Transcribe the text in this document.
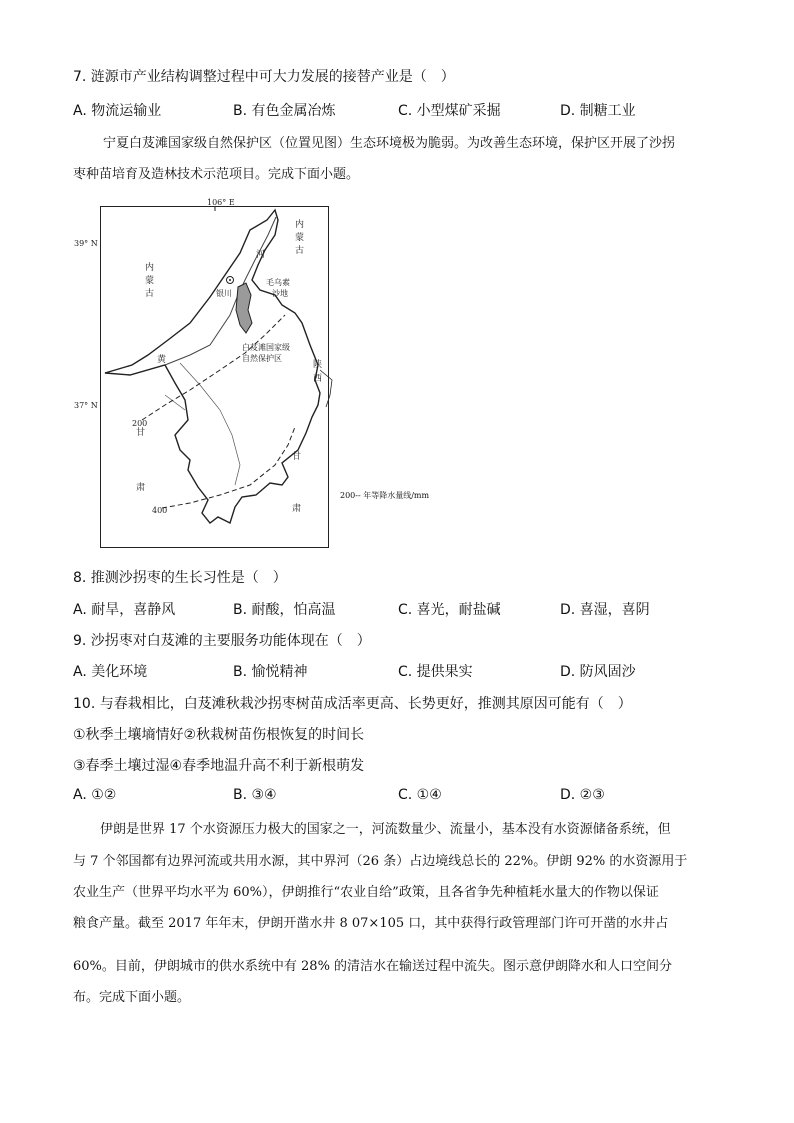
7. 涟源市产业结构调整过程中可大力发展的接替产业是（　）
A. 物流运输业	B. 有色金属冶炼	C. 小型煤矿采掘	D. 制糖工业
宁夏白芨滩国家级自然保护区（位置见图）生态环境极为脆弱。为改善生态环境，保护区开展了沙拐
枣种苗培育及造林技术示范项目。完成下面小题。
106° E
39° N
37° N
内
蒙
古
内
蒙
古
河
黄
银川
毛乌素
沙地
白芨滩国家级
自然保护区
陕
西
甘
肃
甘
肃
200
400
200-- 年等降水量线/mm
8. 推测沙拐枣的生长习性是（　）
A. 耐旱，喜静风	B. 耐酸，怕高温	C. 喜光，耐盐碱	D. 喜湿，喜阴
9. 沙拐枣对白芨滩的主要服务功能体现在（　）
A. 美化环境	B. 愉悦精神	C. 提供果实	D. 防风固沙
10. 与春栽相比，白芨滩秋栽沙拐枣树苗成活率更高、长势更好，推测其原因可能有（　）
①秋季土壤墒情好②秋栽树苗伤根恢复的时间长
③春季土壤过湿④春季地温升高不利于新根萌发
A. ①②	B. ③④	C. ①④	D. ②③
伊朗是世界 17 个水资源压力极大的国家之一，河流数量少、流量小，基本没有水资源储备系统，但
与 7 个邻国都有边界河流或共用水源，其中界河（26 条）占边境线总长的 22%。伊朗 92% 的水资源用于
农业生产（世界平均水平为 60%），伊朗推行“农业自给”政策，且各省争先种植耗水量大的作物以保证
粮食产量。截至 2017 年年末，伊朗开凿水井 8 07×105 口，其中获得行政管理部门许可开凿的水井占
60%。目前，伊朗城市的供水系统中有 28% 的清洁水在输送过程中流失。图示意伊朗降水和人口空间分
布。完成下面小题。
